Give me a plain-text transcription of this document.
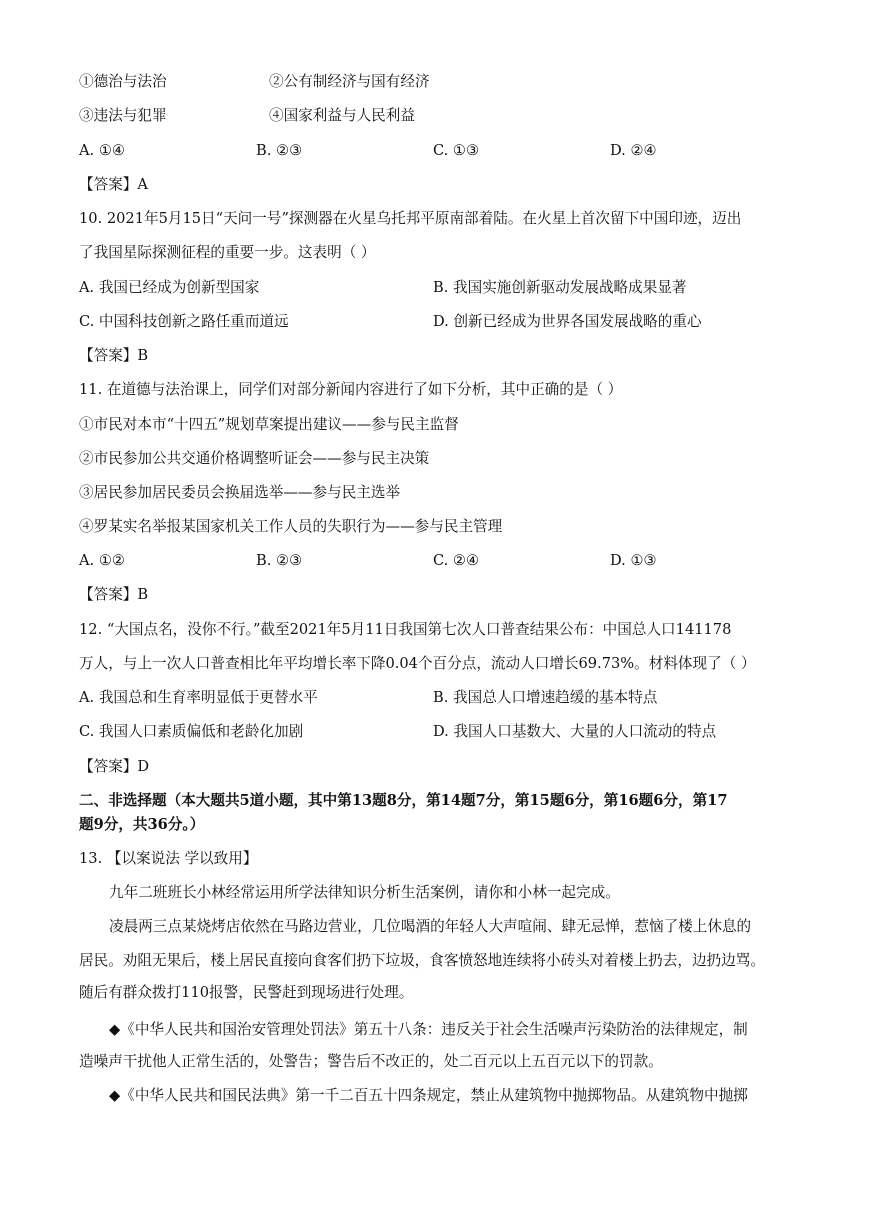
①德治与法治	②公有制经济与国有经济
③违法与犯罪	④国家利益与人民利益
A. ①④	B. ②③	C. ①③	D. ②④
【答案】A
10. 2021年5月15日“天问一号”探测器在火星乌托邦平原南部着陆。在火星上首次留下中国印迹，迈出
了我国星际探测征程的重要一步。这表明（ ）
A. 我国已经成为创新型国家	B. 我国实施创新驱动发展战略成果显著
C. 中国科技创新之路任重而道远	D. 创新已经成为世界各国发展战略的重心
【答案】B
11. 在道德与法治课上，同学们对部分新闻内容进行了如下分析，其中正确的是（ ）
①市民对本市“十四五”规划草案提出建议——参与民主监督
②市民参加公共交通价格调整听证会——参与民主决策
③居民参加居民委员会换届选举——参与民主选举
④罗某实名举报某国家机关工作人员的失职行为——参与民主管理
A. ①②	B. ②③	C. ②④	D. ①③
【答案】B
12. “大国点名，没你不行。”截至2021年5月11日我国第七次人口普查结果公布：中国总人口141178
万人，与上一次人口普查相比年平均增长率下降0.04个百分点，流动人口增长69.73%。材料体现了（ ）
A. 我国总和生育率明显低于更替水平	B. 我国总人口增速趋缓的基本特点
C. 我国人口素质偏低和老龄化加剧	D. 我国人口基数大、大量的人口流动的特点
【答案】D
二、非选择题（本大题共5道小题，其中第13题8分，第14题7分，第15题6分，第16题6分，第17
题9分，共36分。）
13. 【以案说法 学以致用】
九年二班班长小林经常运用所学法律知识分析生活案例，请你和小林一起完成。
凌晨两三点某烧烤店依然在马路边营业，几位喝酒的年轻人大声喧闹、肆无忌惮，惹恼了楼上休息的
居民。劝阻无果后，楼上居民直接向食客们扔下垃圾，食客愤怒地连续将小砖头对着楼上扔去，边扔边骂。
随后有群众拨打110报警，民警赶到现场进行处理。
◆《中华人民共和国治安管理处罚法》第五十八条：违反关于社会生活噪声污染防治的法律规定，制
造噪声干扰他人正常生活的，处警告；警告后不改正的，处二百元以上五百元以下的罚款。
◆《中华人民共和国民法典》第一千二百五十四条规定，禁止从建筑物中抛掷物品。从建筑物中抛掷
